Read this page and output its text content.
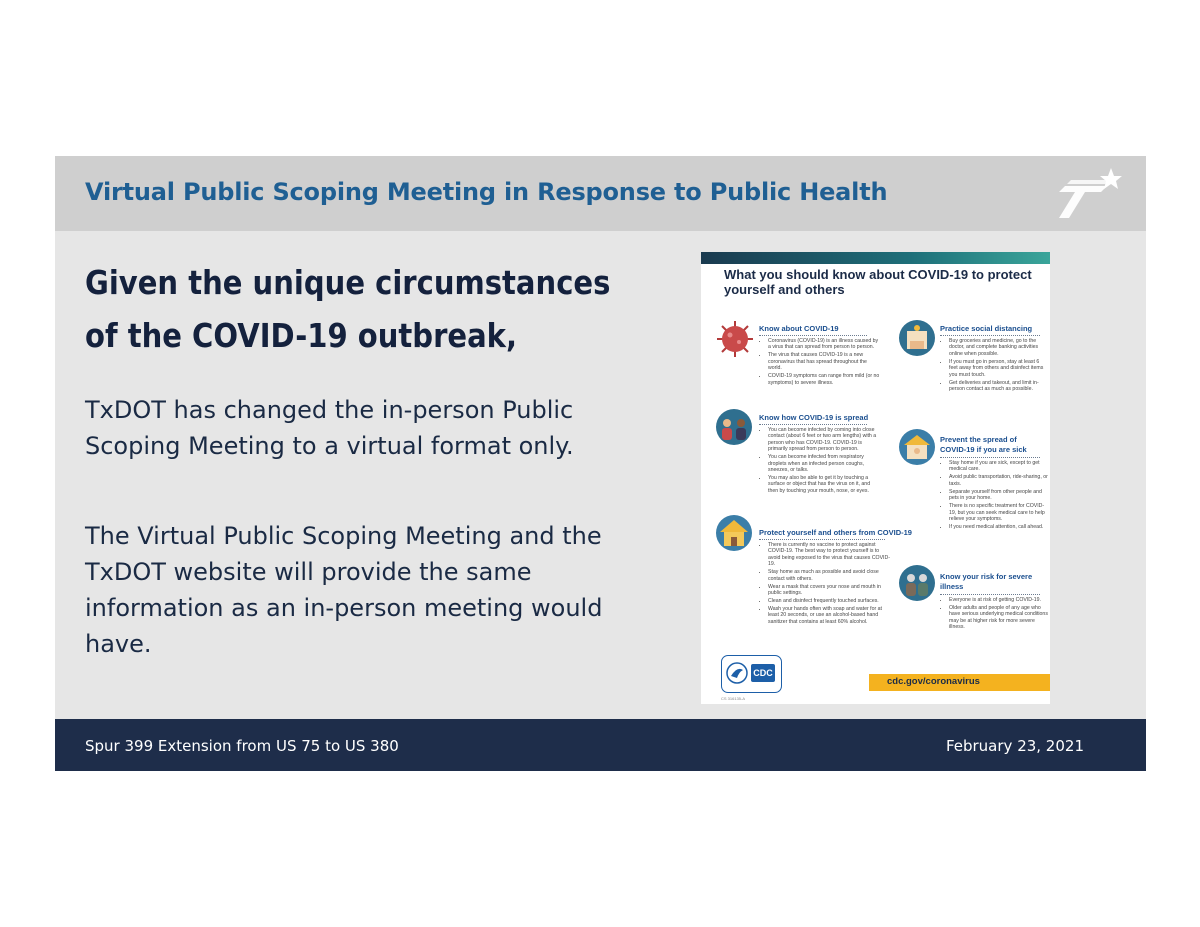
Virtual Public Scoping Meeting in Response to Public Health
Given the unique circumstances of the COVID-19 outbreak,
TxDOT has changed the in-person Public Scoping Meeting to a virtual format only.
The Virtual Public Scoping Meeting and the TxDOT website will provide the same information as an in-person meeting would have.
What you should know about COVID-19 to protect yourself and others
Know about COVID-19
• Coronavirus (COVID-19) is an illness caused by a virus that can spread from person to person.
• The virus that causes COVID-19 is a new coronavirus that has spread throughout the world.
• COVID-19 symptoms can range from mild (or no symptoms) to severe illness.
Know how COVID-19 is spread
• You can become infected by coming into close contact (about 6 feet or two arm lengths) with a person who has COVID-19. COVID-19 is primarily spread from person to person.
• You can become infected from respiratory droplets when an infected person coughs, sneezes, or talks.
• You may also be able to get it by touching a surface or object that has the virus on it, and then by touching your mouth, nose, or eyes.
Protect yourself and others from COVID-19
• There is currently no vaccine to protect against COVID-19. The best way to protect yourself is to avoid being exposed to the virus that causes COVID-19.
• Stay home as much as possible and avoid close contact with others.
• Wear a mask that covers your nose and mouth in public settings.
• Clean and disinfect frequently touched surfaces.
• Wash your hands often with soap and water for at least 20 seconds, or use an alcohol-based hand sanitizer that contains at least 60% alcohol.
Practice social distancing
• Buy groceries and medicine, go to the doctor, and complete banking activities online when possible.
• If you must go in person, stay at least 6 feet away from others and disinfect items you must touch.
• Get deliveries and takeout, and limit in-person contact as much as possible.
Prevent the spread of COVID-19 if you are sick
• Stay home if you are sick, except to get medical care.
• Avoid public transportation, ride-sharing, or taxis.
• Separate yourself from other people and pets in your home.
• There is no specific treatment for COVID-19, but you can seek medical care to help relieve your symptoms.
• If you need medical attention, call ahead.
Know your risk for severe illness
• Everyone is at risk of getting COVID-19.
• Older adults and people of any age who have serious underlying medical conditions may be at higher risk for more severe illness.
CDC
CS 316135-A
cdc.gov/coronavirus
Spur 399 Extension from US 75 to US 380	February 23, 2021
